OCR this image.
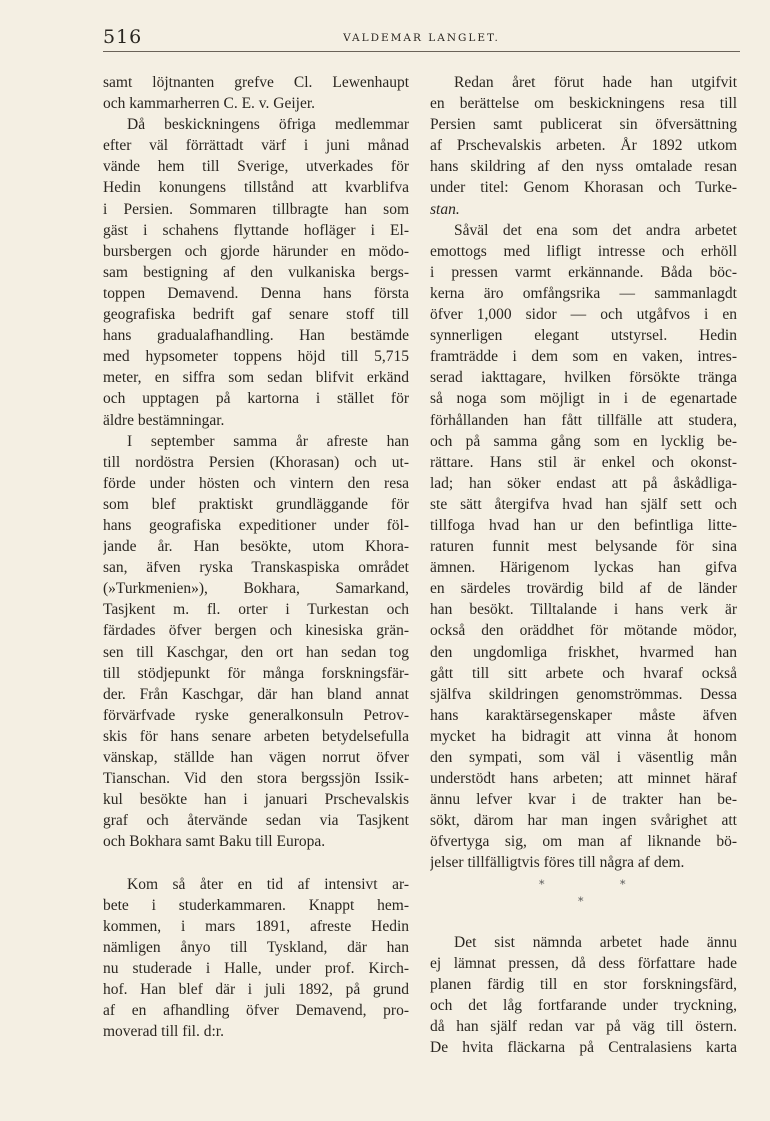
516	VALDEMAR LANGLET.
samt löjtnanten grefve Cl. Lewenhaupt
och kammarherren C. E. v. Geijer.
Då beskickningens öfriga medlemmar
efter väl förrättadt värf i juni månad
vände hem till Sverige, utverkades för
Hedin konungens tillstånd att kvarblifva
i Persien. Sommaren tillbragte han som
gäst i schahens flyttande hofläger i El-
bursbergen och gjorde härunder en mödo-
sam bestigning af den vulkaniska bergs-
toppen Demavend. Denna hans första
geografiska bedrift gaf senare stoff till
hans gradualafhandling. Han bestämde
med hypsometer toppens höjd till 5,715
meter, en siffra som sedan blifvit erkänd
och upptagen på kartorna i stället för
äldre bestämningar.
I september samma år afreste han
till nordöstra Persien (Khorasan) och ut-
förde under hösten och vintern den resa
som blef praktiskt grundläggande för
hans geografiska expeditioner under föl-
jande år. Han besökte, utom Khora-
san, äfven ryska Transkaspiska området
(»Turkmenien»), Bokhara, Samarkand,
Tasjkent m. fl. orter i Turkestan och
färdades öfver bergen och kinesiska grän-
sen till Kaschgar, den ort han sedan tog
till stödjepunkt för många forskningsfär-
der. Från Kaschgar, där han bland annat
förvärfvade ryske generalkonsuln Petrov-
skis för hans senare arbeten betydelsefulla
vänskap, ställde han vägen norrut öfver
Tianschan. Vid den stora bergssjön Issik-
kul besökte han i januari Prschevalskis
graf och återvände sedan via Tasjkent
och Bokhara samt Baku till Europa.
Kom så åter en tid af intensivt ar-
bete i studerkammaren. Knappt hem-
kommen, i mars 1891, afreste Hedin
nämligen ånyo till Tyskland, där han
nu studerade i Halle, under prof. Kirch-
hof. Han blef där i juli 1892, på grund
af en afhandling öfver Demavend, pro-
moverad till fil. d:r.
Redan året förut hade han utgifvit
en berättelse om beskickningens resa till
Persien samt publicerat sin öfversättning
af Prschevalskis arbeten. År 1892 utkom
hans skildring af den nyss omtalade resan
under titel: Genom Khorasan och Turke-
stan.
Såväl det ena som det andra arbetet
emottogs med lifligt intresse och erhöll
i pressen varmt erkännande. Båda böc-
kerna äro omfångsrika — sammanlagdt
öfver 1,000 sidor — och utgåfvos i en
synnerligen elegant utstyrsel. Hedin
framträdde i dem som en vaken, intres-
serad iakttagare, hvilken försökte tränga
så noga som möjligt in i de egenartade
förhållanden han fått tillfälle att studera,
och på samma gång som en lycklig be-
rättare. Hans stil är enkel och okonst-
lad; han söker endast att på åskådliga-
ste sätt återgifva hvad han själf sett och
tillfoga hvad han ur den befintliga litte-
raturen funnit mest belysande för sina
ämnen. Härigenom lyckas han gifva
en särdeles trovärdig bild af de länder
han besökt. Tilltalande i hans verk är
också den oräddhet för mötande mödor,
den ungdomliga friskhet, hvarmed han
gått till sitt arbete och hvaraf också
själfva skildringen genomströmmas. Dessa
hans karaktärsegenskaper måste äfven
mycket ha bidragit att vinna åt honom
den sympati, som väl i väsentlig mån
understödt hans arbeten; att minnet häraf
ännu lefver kvar i de trakter han be-
sökt, därom har man ingen svårighet att
öfvertyga sig, om man af liknande bö-
jelser tillfälligtvis föres till några af dem.
*	*
*
Det sist nämnda arbetet hade ännu
ej lämnat pressen, då dess författare hade
planen färdig till en stor forskningsfärd,
och det låg fortfarande under tryckning,
då han själf redan var på väg till östern.
De hvita fläckarna på Centralasiens karta
